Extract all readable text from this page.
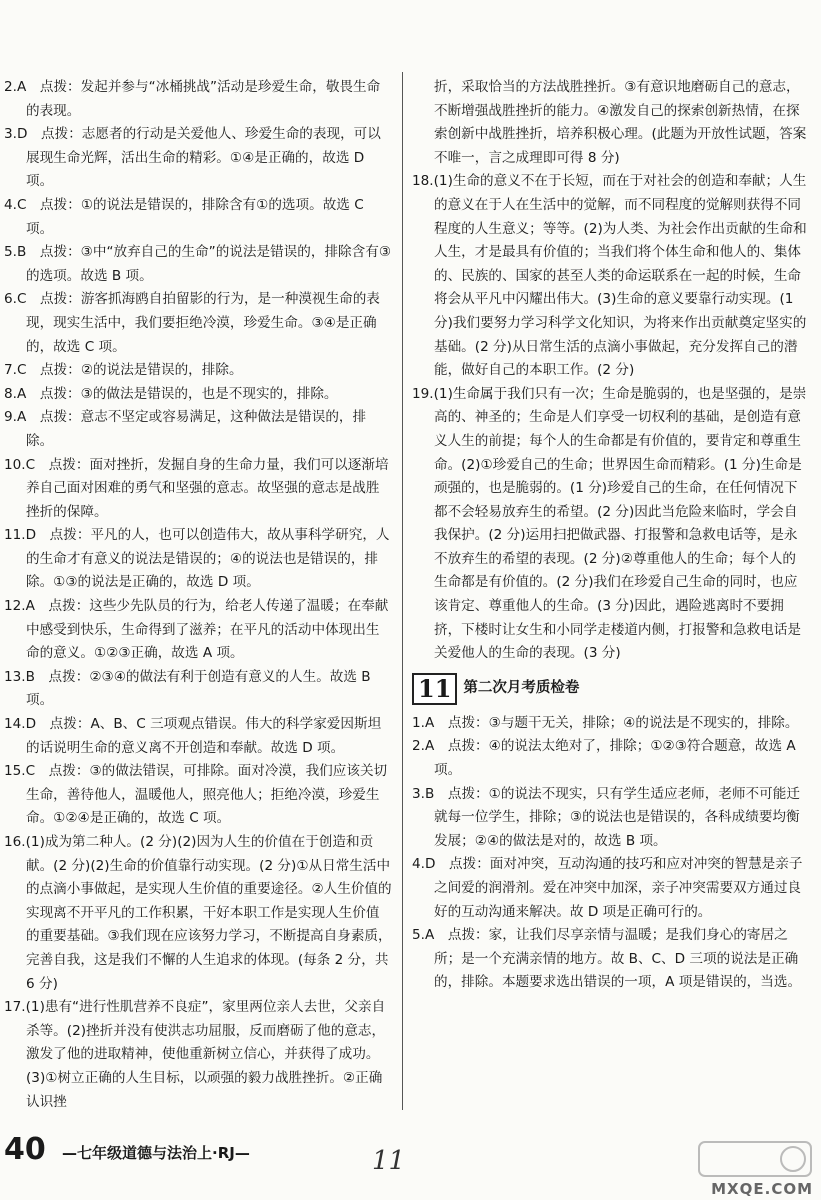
2.A　点拨：发起并参与“冰桶挑战”活动是珍爱生命，敬畏生命的表现。

3.D　点拨：志愿者的行动是关爱他人、珍爱生命的表现，可以展现生命光辉，活出生命的精彩。①④是正确的，故选 D 项。

4.C　点拨：①的说法是错误的，排除含有①的选项。故选 C 项。

5.B　点拨：③中“放弃自己的生命”的说法是错误的，排除含有③的选项。故选 B 项。

6.C　点拨：游客抓海鸥自拍留影的行为，是一种漠视生命的表现，现实生活中，我们要拒绝冷漠，珍爱生命。③④是正确的，故选 C 项。

7.C　点拨：②的说法是错误的，排除。

8.A　点拨：③的做法是错误的，也是不现实的，排除。

9.A　点拨：意志不坚定或容易满足，这种做法是错误的，排除。

10.C　点拨：面对挫折，发掘自身的生命力量，我们可以逐渐培养自己面对困难的勇气和坚强的意志。故坚强的意志是战胜挫折的保障。

11.D　点拨：平凡的人，也可以创造伟大，故从事科学研究，人的生命才有意义的说法是错误的；④的说法也是错误的，排除。①③的说法是正确的，故选 D 项。

12.A　点拨：这些少先队员的行为，给老人传递了温暖；在奉献中感受到快乐，生命得到了滋养；在平凡的活动中体现出生命的意义。①②③正确，故选 A 项。

13.B　点拨：②③④的做法有利于创造有意义的人生。故选 B 项。

14.D　点拨：A、B、C 三项观点错误。伟大的科学家爱因斯坦的话说明生命的意义离不开创造和奉献。故选 D 项。

15.C　点拨：③的做法错误，可排除。面对冷漠，我们应该关切生命，善待他人，温暖他人，照亮他人；拒绝冷漠，珍爱生命。①②④是正确的，故选 C 项。

16.(1)成为第二种人。(2 分)(2)因为人生的价值在于创造和贡献。(2 分)(2)生命的价值靠行动实现。(2 分)①从日常生活中的点滴小事做起，是实现人生价值的重要途径。②人生价值的实现离不开平凡的工作积累，干好本职工作是实现人生价值的重要基础。③我们现在应该努力学习，不断提高自身素质，完善自我，这是我们不懈的人生追求的体现。(每条 2 分，共 6 分)

17.(1)患有“进行性肌营养不良症”，家里两位亲人去世，父亲自杀等。(2)挫折并没有使洪志功屈服，反而磨砺了他的意志，激发了他的进取精神，使他重新树立信心，并获得了成功。(3)①树立正确的人生目标，以顽强的毅力战胜挫折。②正确认识挫

折，采取恰当的方法战胜挫折。③有意识地磨砺自己的意志，不断增强战胜挫折的能力。④激发自己的探索创新热情，在探索创新中战胜挫折，培养积极心理。(此题为开放性试题，答案不唯一，言之成理即可得 8 分)

18.(1)生命的意义不在于长短，而在于对社会的创造和奉献；人生的意义在于人在生活中的觉解，而不同程度的觉解则获得不同程度的人生意义；等等。(2)为人类、为社会作出贡献的生命和人生，才是最具有价值的；当我们将个体生命和他人的、集体的、民族的、国家的甚至人类的命运联系在一起的时候，生命将会从平凡中闪耀出伟大。(3)生命的意义要靠行动实现。(1 分)我们要努力学习科学文化知识，为将来作出贡献奠定坚实的基础。(2 分)从日常生活的点滴小事做起，充分发挥自己的潜能，做好自己的本职工作。(2 分)

19.(1)生命属于我们只有一次；生命是脆弱的，也是坚强的，是崇高的、神圣的；生命是人们享受一切权利的基础，是创造有意义人生的前提；每个人的生命都是有价值的，要肯定和尊重生命。(2)①珍爱自己的生命；世界因生命而精彩。(1 分)生命是顽强的，也是脆弱的。(1 分)珍爱自己的生命，在任何情况下都不会轻易放弃生的希望。(2 分)因此当危险来临时，学会自我保护。(2 分)运用扫把做武器、打报警和急救电话等，是永不放弃生的希望的表现。(2 分)②尊重他人的生命；每个人的生命都是有价值的。(2 分)我们在珍爱自己生命的同时，也应该肯定、尊重他人的生命。(3 分)因此，遇险逃离时不要拥挤，下楼时让女生和小同学走楼道内侧，打报警和急救电话是关爱他人的生命的表现。(3 分)

11 第二次月考质检卷

1.A　点拨：③与题干无关，排除；④的说法是不现实的，排除。

2.A　点拨：④的说法太绝对了，排除；①②③符合题意，故选 A 项。

3.B　点拨：①的说法不现实，只有学生适应老师，老师不可能迁就每一位学生，排除；③的说法也是错误的，各科成绩要均衡发展；②④的做法是对的，故选 B 项。

4.D　点拨：面对冲突，互动沟通的技巧和应对冲突的智慧是亲子之间爱的润滑剂。爱在冲突中加深，亲子冲突需要双方通过良好的互动沟通来解决。故 D 项是正确可行的。

5.A　点拨：家，让我们尽享亲情与温暖；是我们身心的寄居之所；是一个充满亲情的地方。故 B、C、D 三项的说法是正确的，排除。本题要求选出错误的一项，A 项是错误的，当选。

40 —七年级道德与法治上·RJ—	11
MXQE.COM
